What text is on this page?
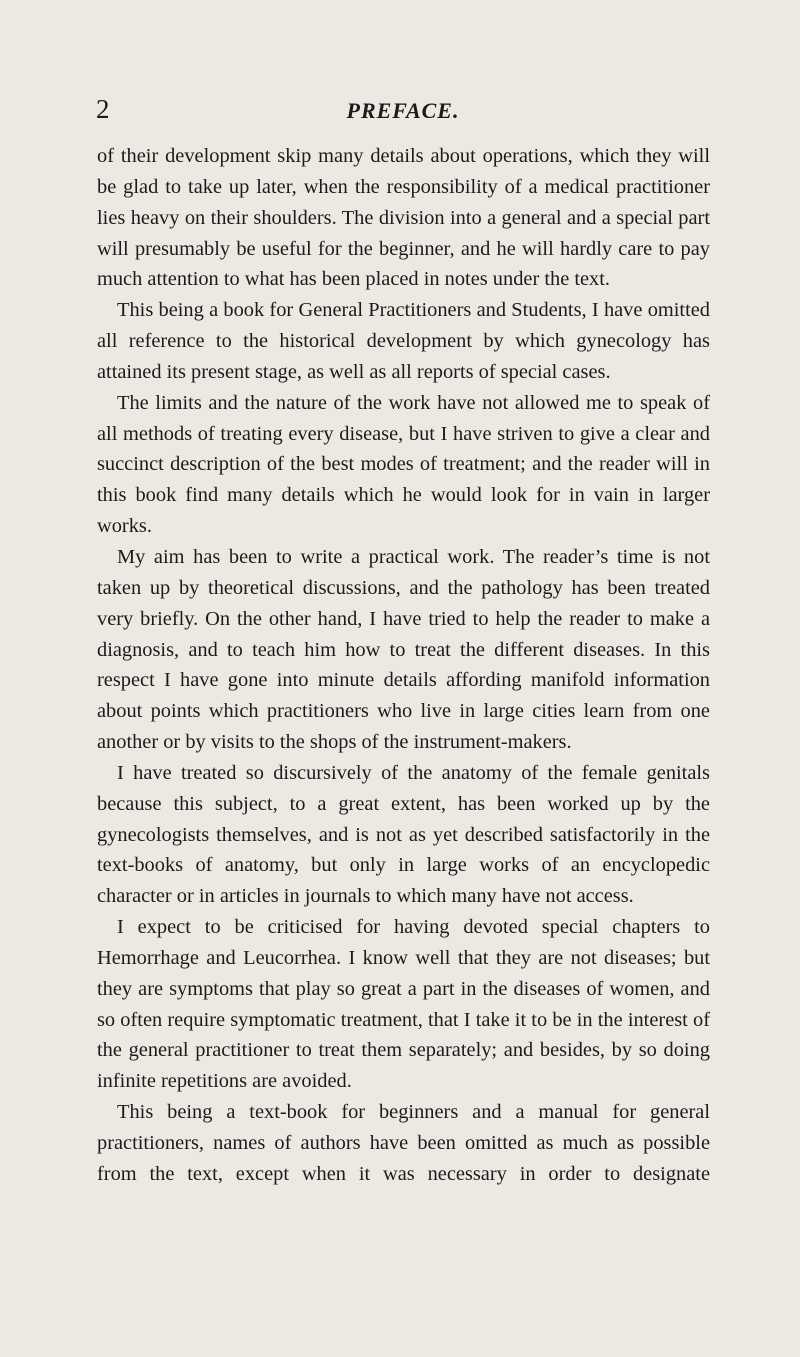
2	PREFACE.

of their development skip many details about operations, which they will be glad to take up later, when the responsibility of a medical practitioner lies heavy on their shoulders. The division into a general and a special part will presumably be useful for the beginner, and he will hardly care to pay much attention to what has been placed in notes under the text.

This being a book for General Practitioners and Students, I have omitted all reference to the historical development by which gynecology has attained its present stage, as well as all reports of special cases.

The limits and the nature of the work have not allowed me to speak of all methods of treating every disease, but I have striven to give a clear and succinct description of the best modes of treatment; and the reader will in this book find many details which he would look for in vain in larger works.

My aim has been to write a practical work. The reader’s time is not taken up by theoretical discussions, and the pathology has been treated very briefly. On the other hand, I have tried to help the reader to make a diagnosis, and to teach him how to treat the different diseases. In this respect I have gone into minute details affording manifold information about points which practitioners who live in large cities learn from one another or by visits to the shops of the instrument-makers.

I have treated so discursively of the anatomy of the female genitals because this subject, to a great extent, has been worked up by the gynecologists themselves, and is not as yet described satisfactorily in the text-books of anatomy, but only in large works of an encyclopedic character or in articles in journals to which many have not access.

I expect to be criticised for having devoted special chapters to Hemorrhage and Leucorrhea. I know well that they are not diseases; but they are symptoms that play so great a part in the diseases of women, and so often require symptomatic treatment, that I take it to be in the interest of the general practitioner to treat them separately; and besides, by so doing infinite repetitions are avoided.

This being a text-book for beginners and a manual for general practitioners, names of authors have been omitted as much as possible from the text, except when it was necessary in order to designate
